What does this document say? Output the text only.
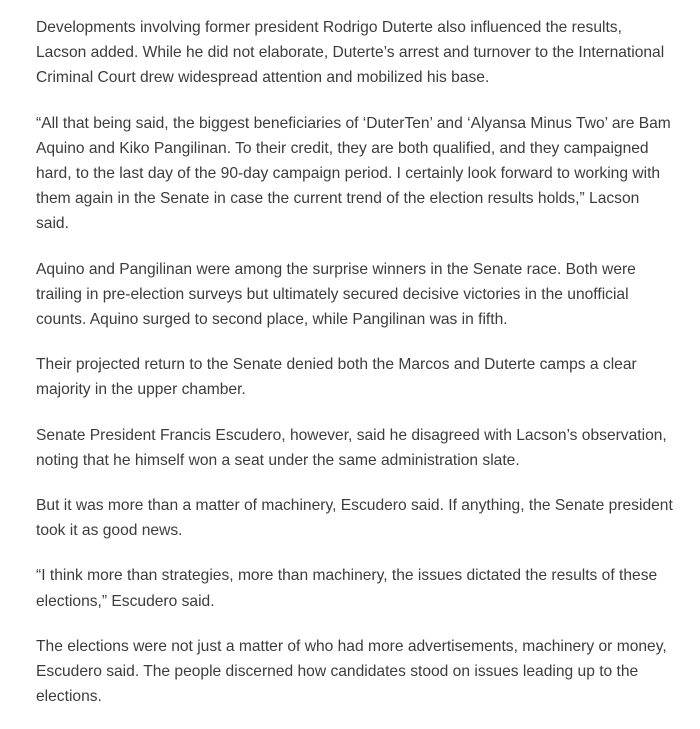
Developments involving former president Rodrigo Duterte also influenced the results, Lacson added. While he did not elaborate, Duterte’s arrest and turnover to the International Criminal Court drew widespread attention and mobilized his base.

“All that being said, the biggest beneficiaries of ‘DuterTen’ and ‘Alyansa Minus Two’ are Bam Aquino and Kiko Pangilinan. To their credit, they are both qualified, and they campaigned hard, to the last day of the 90-day campaign period. I certainly look forward to working with them again in the Senate in case the current trend of the election results holds,” Lacson said.

Aquino and Pangilinan were among the surprise winners in the Senate race. Both were trailing in pre-election surveys but ultimately secured decisive victories in the unofficial counts. Aquino surged to second place, while Pangilinan was in fifth.

Their projected return to the Senate denied both the Marcos and Duterte camps a clear majority in the upper chamber.

Senate President Francis Escudero, however, said he disagreed with Lacson’s observation, noting that he himself won a seat under the same administration slate.

But it was more than a matter of machinery, Escudero said. If anything, the Senate president took it as good news.

“I think more than strategies, more than machinery, the issues dictated the results of these elections,” Escudero said.

The elections were not just a matter of who had more advertisements, machinery or money, Escudero said. The people discerned how candidates stood on issues leading up to the elections.
